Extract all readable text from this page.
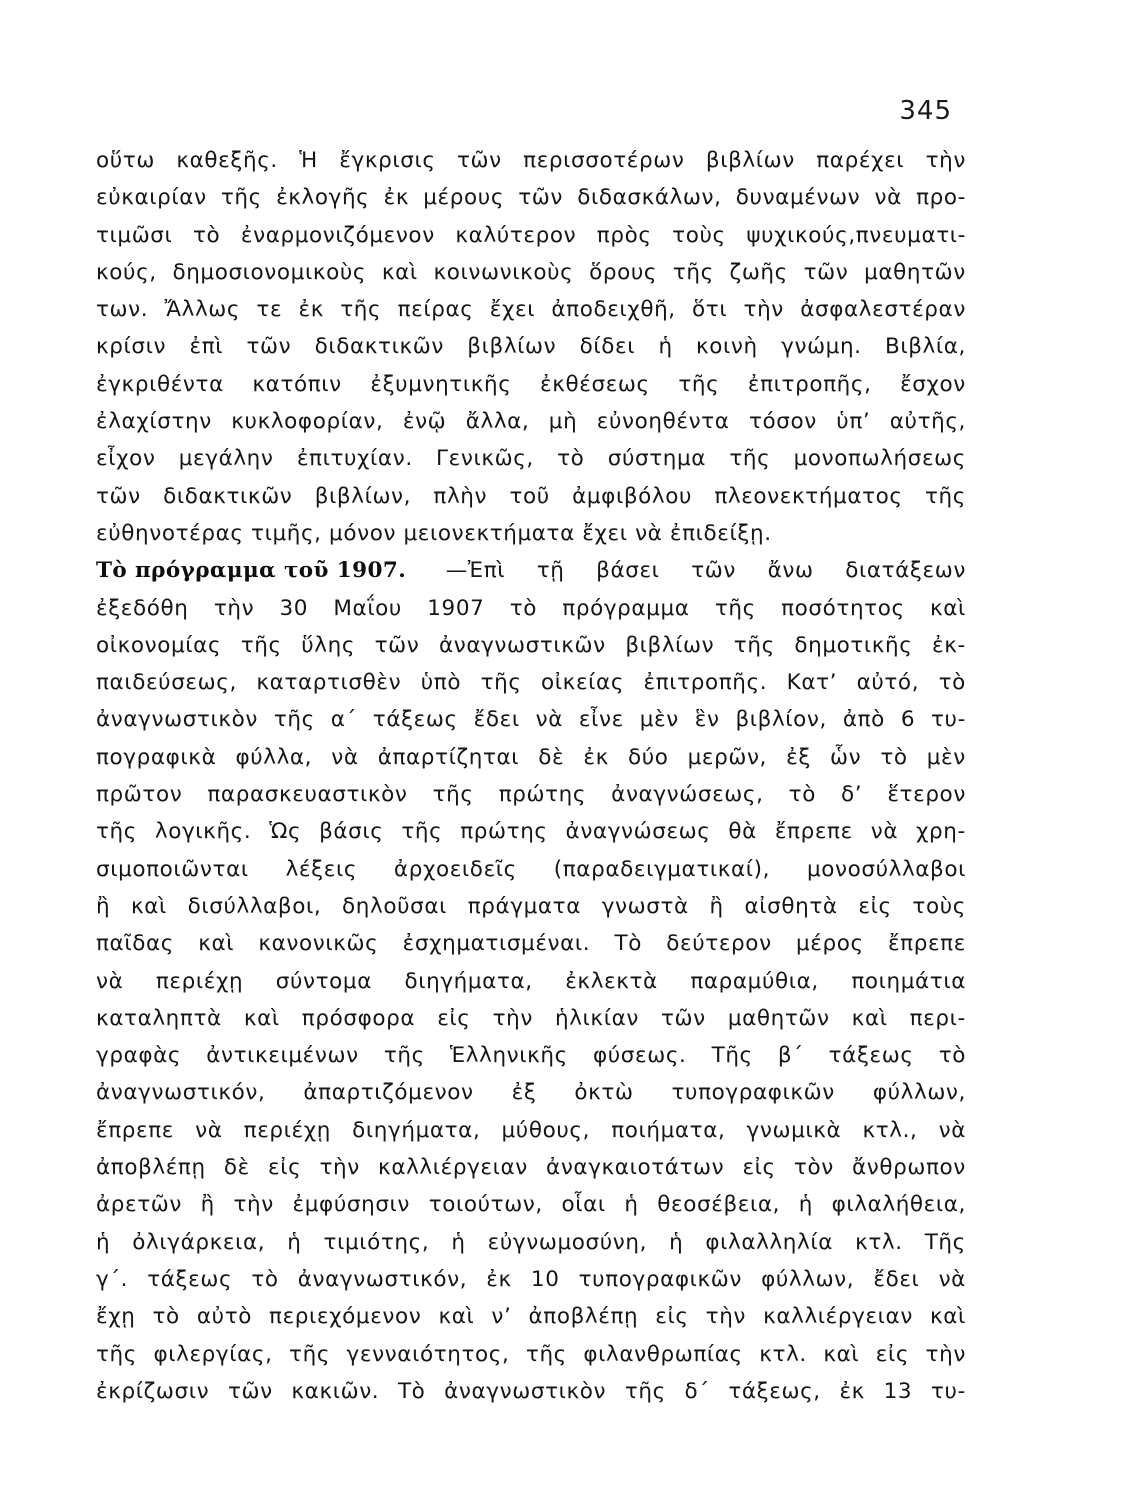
345
οὕτω καθεξῆς. Ἡ ἔγκρισις τῶν περισσοτέρων βιβλίων παρέχει τὴν
εὐκαιρίαν τῆς ἐκλογῆς ἐκ μέρους τῶν διδασκάλων, δυναμένων νὰ προ-
τιμῶσι τὸ ἐναρμονιζόμενον καλύτερον πρὸς τοὺς ψυχικούς,πνευματι-
κούς, δημοσιονομικοὺς καὶ κοινωνικοὺς ὅρους τῆς ζωῆς τῶν μαθητῶν
των. Ἄλλως τε ἐκ τῆς πείρας ἔχει ἀποδειχθῆ, ὅτι τὴν ἀσφαλεστέραν
κρίσιν ἐπὶ τῶν διδακτικῶν βιβλίων δίδει ἡ κοινὴ γνώμη. Βιβλία,
ἐγκριθέντα κατόπιν ἐξυμνητικῆς ἐκθέσεως τῆς ἐπιτροπῆς, ἔσχον
ἐλαχίστην κυκλοφορίαν, ἐνῷ ἄλλα, μὴ εὐνοηθέντα τόσον ὑπ’ αὐτῆς,
εἶχον μεγάλην ἐπιτυχίαν. Γενικῶς, τὸ σύστημα τῆς μονοπωλήσεως
τῶν διδακτικῶν βιβλίων, πλὴν τοῦ ἀμφιβόλου πλεονεκτήματος τῆς
εὐθηνοτέρας τιμῆς, μόνον μειονεκτήματα ἔχει νὰ ἐπιδείξῃ.
Τὸ πρόγραμμα τοῦ 1907. —Ἐπὶ τῇ βάσει τῶν ἄνω διατάξεων
ἐξεδόθη τὴν 30 Μαΐου 1907 τὸ πρόγραμμα τῆς ποσότητος καὶ
οἰκονομίας τῆς ὕλης τῶν ἀναγνωστικῶν βιβλίων τῆς δημοτικῆς ἐκ-
παιδεύσεως, καταρτισθὲν ὑπὸ τῆς οἰκείας ἐπιτροπῆς. Κατ’ αὐτό, τὸ
ἀναγνωστικὸν τῆς α΄ τάξεως ἔδει νὰ εἶνε μὲν ἓν βιβλίον, ἀπὸ 6 τυ-
πογραφικὰ φύλλα, νὰ ἀπαρτίζηται δὲ ἐκ δύο μερῶν, ἐξ ὧν τὸ μὲν
πρῶτον παρασκευαστικὸν τῆς πρώτης ἀναγνώσεως, τὸ δ’ ἕτερον
τῆς λογικῆς. Ὡς βάσις τῆς πρώτης ἀναγνώσεως θὰ ἔπρεπε νὰ χρη-
σιμοποιῶνται λέξεις ἀρχοειδεῖς (παραδειγματικαί), μονοσύλλαβοι
ἢ καὶ δισύλλαβοι, δηλοῦσαι πράγματα γνωστὰ ἢ αἰσθητὰ εἰς τοὺς
παῖδας καὶ κανονικῶς ἐσχηματισμέναι. Τὸ δεύτερον μέρος ἔπρεπε
νὰ περιέχῃ σύντομα διηγήματα, ἐκλεκτὰ παραμύθια, ποιημάτια
καταληπτὰ καὶ πρόσφορα εἰς τὴν ἡλικίαν τῶν μαθητῶν καὶ περι-
γραφὰς ἀντικειμένων τῆς Ἑλληνικῆς φύσεως. Τῆς β΄ τάξεως τὸ
ἀναγνωστικόν, ἀπαρτιζόμενον ἐξ ὀκτὼ τυπογραφικῶν φύλλων,
ἔπρεπε νὰ περιέχῃ διηγήματα, μύθους, ποιήματα, γνωμικὰ κτλ., νὰ
ἀποβλέπῃ δὲ εἰς τὴν καλλιέργειαν ἀναγκαιοτάτων εἰς τὸν ἄνθρωπον
ἀρετῶν ἢ τὴν ἐμφύσησιν τοιούτων, οἷαι ἡ θεοσέβεια, ἡ φιλαλήθεια,
ἡ ὀλιγάρκεια, ἡ τιμιότης, ἡ εὐγνωμοσύνη, ἡ φιλαλληλία κτλ. Τῆς
γ΄. τάξεως τὸ ἀναγνωστικόν, ἐκ 10 τυπογραφικῶν φύλλων, ἔδει νὰ
ἔχῃ τὸ αὐτὸ περιεχόμενον καὶ ν’ ἀποβλέπῃ εἰς τὴν καλλιέργειαν καὶ
τῆς φιλεργίας, τῆς γενναιότητος, τῆς φιλανθρωπίας κτλ. καὶ εἰς τὴν
ἐκρίζωσιν τῶν κακιῶν. Τὸ ἀναγνωστικὸν τῆς δ΄ τάξεως, ἐκ 13 τυ-
